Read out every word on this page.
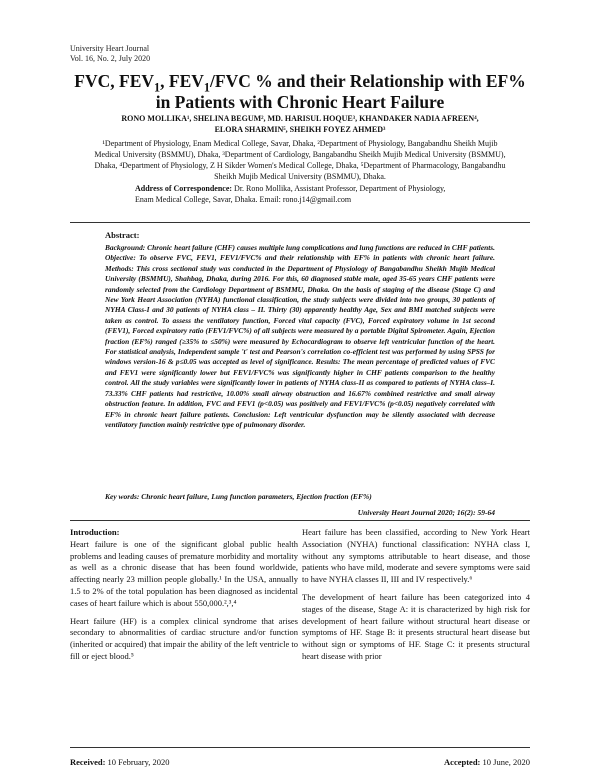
University Heart Journal
Vol. 16, No. 2, July 2020
FVC, $FEV_1$, $FEV_1$/FVC % and their Relationship with EF%
in Patients with Chronic Heart Failure
RONO MOLLIKA¹, SHELINA BEGUM², MD. HARISUL HOQUE³, KHANDAKER NADIA AFREEN⁴,
ELORA SHARMIN⁵, SHEIKH FOYEZ AHMED³
¹Department of Physiology, Enam Medical College, Savar, Dhaka, ²Department of Physiology, Bangabandhu Sheikh Mujib
Medical University (BSMMU), Dhaka, ³Department of Cardiology, Bangabandhu Sheikh Mujib Medical University (BSMMU),
Dhaka, ⁴Department of Physiology, Z H Sikder Women's Medical College, Dhaka, ⁵Department of Pharmacology, Bangabandhu
Sheikh Mujib Medical University (BSMMU), Dhaka.
Address of Correspondence: Dr. Rono Mollika, Assistant Professor, Department of Physiology, Enam Medical College, Savar, Dhaka. Email: rono.j14@gmail.com
Abstract:
Background: Chronic heart failure (CHF) causes multiple lung complications and lung functions are reduced in CHF patients. Objective: To observe FVC, FEV1, FEV1/FVC% and their relationship with EF% in patients with chronic heart failure. Methods: This cross sectional study was conducted in the Department of Physiology of Bangabandhu Sheikh Mujib Medical University (BSMMU), Shahbag, Dhaka, during 2016. For this, 60 diagnosed stable male, aged 35-65 years CHF patients were randomly selected from the Cardiology Department of BSMMU, Dhaka. On the basis of staging of the disease (Stage C) and New York Heart Association (NYHA) functional classification, the study subjects were divided into two groups, 30 patients of NYHA Class-I and 30 patients of NYHA class – II. Thirty (30) apparently healthy Age, Sex and BMI matched subjects were taken as control. To assess the ventilatory function, Forced vital capacity (FVC), Forced expiratory volume in 1st second (FEV1), Forced expiratory ratio (FEV1/FVC%) of all subjects were measured by a portable Digital Spirometer. Again, Ejection fraction (EF%) ranged (≥35% to ≤50%) were measured by Echocardiogram to observe left ventricular function of the heart. For statistical analysis, Independent sample 't' test and Pearson's correlation co-efficient test was performed by using SPSS for windows version-16 & p≤0.05 was accepted as level of significance. Results: The mean percentage of predicted values of FVC and FEV1 were significantly lower but FEV1/FVC% was significantly higher in CHF patients comparison to the healthy control. All the study variables were significantly lower in patients of NYHA class-II as compared to patients of NYHA class–I. 73.33% CHF patients had restrictive, 10.00% small airway obstruction and 16.67% combined restrictive and small airway obstruction feature. In addition, FVC and FEV1 (p<0.05) was positively and FEV1/FVC% (p<0.05) negatively correlated with EF% in chronic heart failure patients. Conclusion: Left ventricular dysfunction may be silently associated with decrease ventilatory function mainly restrictive type of pulmonary disorder.
Key words: Chronic heart failure, Lung function parameters, Ejection fraction (EF%)
University Heart Journal 2020; 16(2): 59-64
Introduction:

Heart failure is one of the significant global public health problems and leading causes of premature morbidity and mortality as well as a chronic disease that has been found worldwide, affecting nearly 23 million people globally.¹ In the USA, annually 1.5 to 2% of the total population has been diagnosed as incidental cases of heart failure which is about 550,000.²,³,⁴

Heart failure (HF) is a complex clinical syndrome that arises secondary to abnormalities of cardiac structure and/or function (inherited or acquired) that impair the ability of the left ventricle to fill or eject blood.⁵

Heart failure has been classified, according to New York Heart Association (NYHA) functional classification: NYHA class I, without any symptoms attributable to heart disease, and those patients who have mild, moderate and severe symptoms were said to have NYHA classes II, III and IV respectively.⁶

The development of heart failure has been categorized into 4 stages of the disease, Stage A: it is characterized by high risk for development of heart failure without structural heart disease or symptoms of HF. Stage B: it presents structural heart disease but without sign or symptoms of HF. Stage C: it presents structural heart disease with prior

Received: 10 February, 2020	Accepted: 10 June, 2020
